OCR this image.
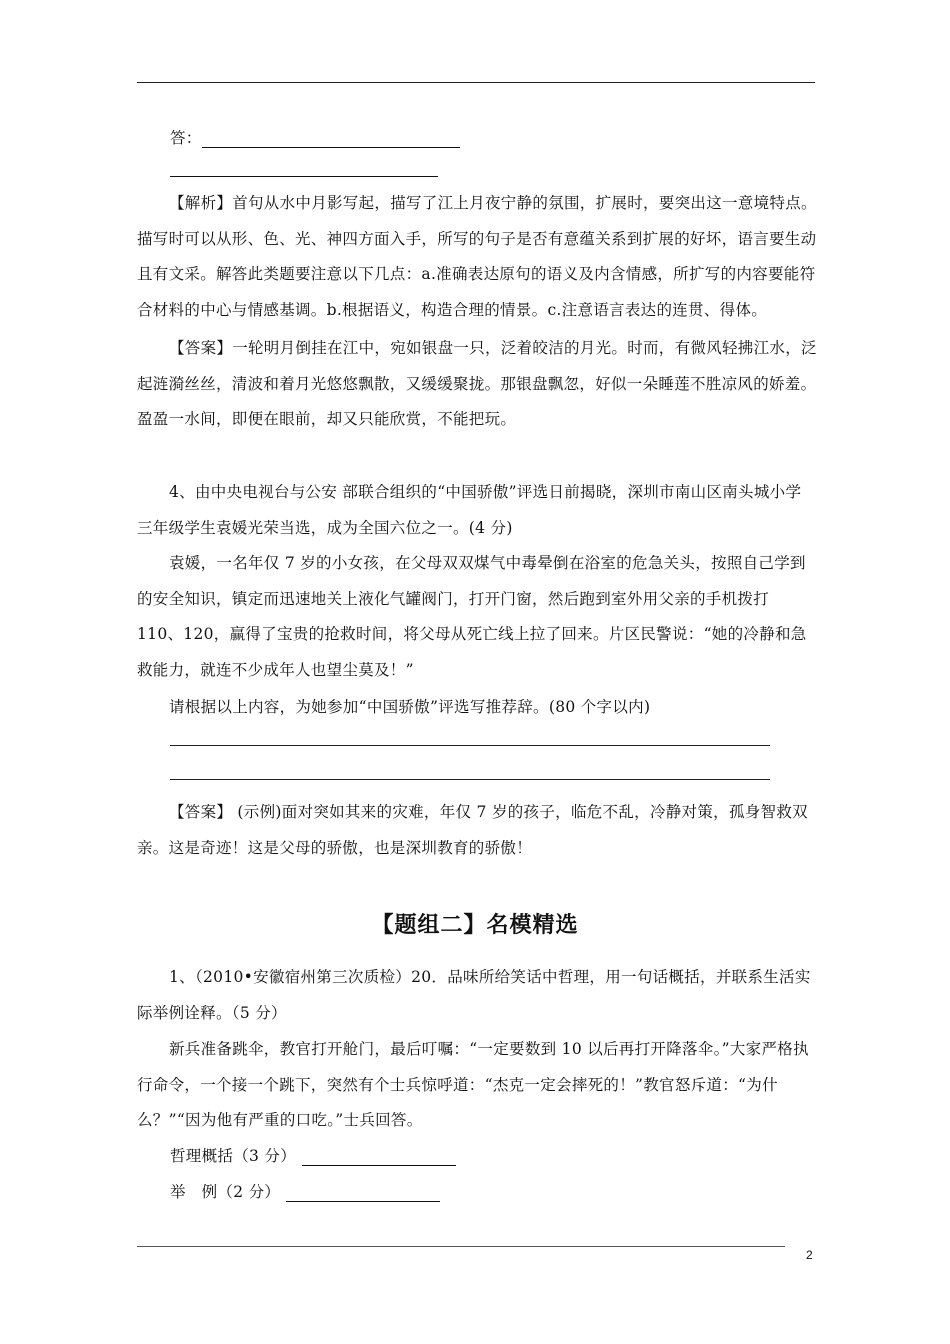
答：
【解析】首句从水中月影写起，描写了江上月夜宁静的氛围，扩展时，要突出这一意境特点。描写时可以从形、色、光、神四方面入手，所写的句子是否有意蕴关系到扩展的好坏，语言要生动且有文采。解答此类题要注意以下几点：a.准确表达原句的语义及内含情感，所扩写的内容要能符合材料的中心与情感基调。b.根据语义，构造合理的情景。c.注意语言表达的连贯、得体。
【答案】一轮明月倒挂在江中，宛如银盘一只，泛着皎洁的月光。时而，有微风轻拂江水，泛起涟漪丝丝，清波和着月光悠悠飘散，又缓缓聚拢。那银盘飘忽，好似一朵睡莲不胜凉风的娇羞。盈盈一水间，即便在眼前，却又只能欣赏，不能把玩。
4、由中央电视台与公安 部联合组织的“中国骄傲”评选日前揭晓，深圳市南山区南头城小学三年级学生袁媛光荣当选，成为全国六位之一。(4 分)
袁媛，一名年仅 7 岁的小女孩，在父母双双煤气中毒晕倒在浴室的危急关头，按照自己学到的安全知识，镇定而迅速地关上液化气罐阀门，打开门窗，然后跑到室外用父亲的手机拨打 110、120，赢得了宝贵的抢救时间，将父母从死亡线上拉了回来。片区民警说：“她的冷静和急救能力，就连不少成年人也望尘莫及！”
请根据以上内容，为她参加“中国骄傲”评选写推荐辞。(80 个字以内)
【答案】 (示例)面对突如其来的灾难，年仅 7 岁的孩子，临危不乱，冷静对策，孤身智救双亲。这是奇迹！这是父母的骄傲，也是深圳教育的骄傲！
【题组二】名模精选
1、（2010•安徽宿州第三次质检）20．品味所给笑话中哲理，用一句话概括，并联系生活实际举例诠释。（5 分）
新兵准备跳伞，教官打开舱门，最后叮嘱：“一定要数到 10 以后再打开降落伞。”大家严格执行命令，一个接一个跳下，突然有个士兵惊呼道：“杰克一定会摔死的！”教官怒斥道：“为什么？”“因为他有严重的口吃。”士兵回答。
哲理概括（3 分）
举　例（2 分）
2
